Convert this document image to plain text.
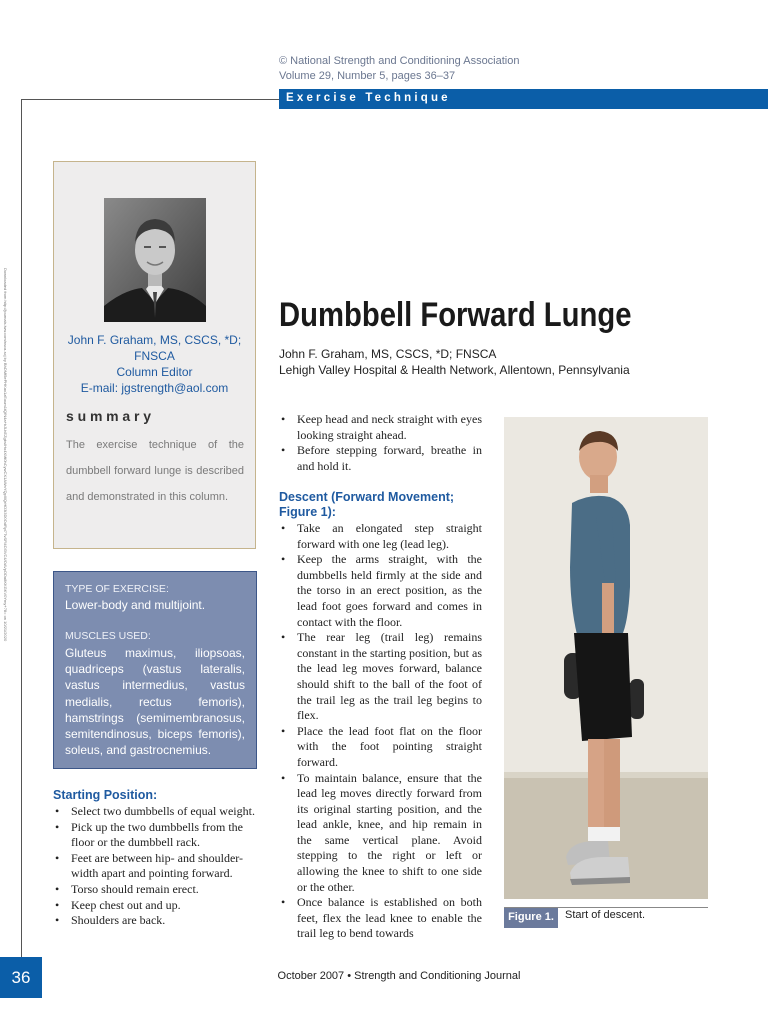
© National Strength and Conditioning Association
Volume 29, Number 5, pages 36–37
Exercise Technique
Downloaded from http://journals.lww.com/nsca-scj by BhDMf5ePHKav1zEoum1tQfN4a+kJLhEZgbsIHo4XMi0hCywCX1AWnYQp/IlQrHD3i3D0OdRyi7TvSFl4Cf3VC4/OAVpDDa8KKGKV0Ymy+78= on 10/21/2020	John F. Graham, MS, CSCS, *D; FNSCA
Column Editor
E-mail: jgstrength@aol.com
summary
The exercise technique of the dumbbell forward lunge is described and demonstrated in this column.
TYPE OF EXERCISE:
Lower-body and multijoint.
MUSCLES USED:
Gluteus maximus, iliopsoas, quadriceps (vastus lateralis, vastus intermedius, vastus medialis, rectus femoris), hamstrings (semimembranosus, semitendinosus, biceps femoris), soleus, and gastrocnemius.
Starting Position:
• Select two dumbbells of equal weight.
• Pick up the two dumbbells from the floor or the dumbbell rack.
• Feet are between hip- and shoulder-width apart and pointing forward.
• Torso should remain erect.
• Keep chest out and up.
• Shoulders are back.
Dumbbell Forward Lunge
John F. Graham, MS, CSCS, *D; FNSCA
Lehigh Valley Hospital & Health Network, Allentown, Pennsylvania
• Keep head and neck straight with eyes looking straight ahead.
• Before stepping forward, breathe in and hold it.
Descent (Forward Movement; Figure 1):
• Take an elongated step straight forward with one leg (lead leg).
• Keep the arms straight, with the dumbbells held firmly at the side and the torso in an erect position, as the lead foot goes forward and comes in contact with the floor.
• The rear leg (trail leg) remains constant in the starting position, but as the lead leg moves forward, balance should shift to the ball of the foot of the trail leg as the trail leg begins to flex.
• Place the lead foot flat on the floor with the foot pointing straight forward.
• To maintain balance, ensure that the lead leg moves directly forward from its original starting position, and the lead ankle, knee, and hip remain in the same vertical plane. Avoid stepping to the right or left or allowing the knee to shift to one side or the other.
• Once balance is established on both feet, flex the lead knee to enable the trail leg to bend towards
Figure 1.	Start of descent.
36	October 2007 • Strength and Conditioning Journal
